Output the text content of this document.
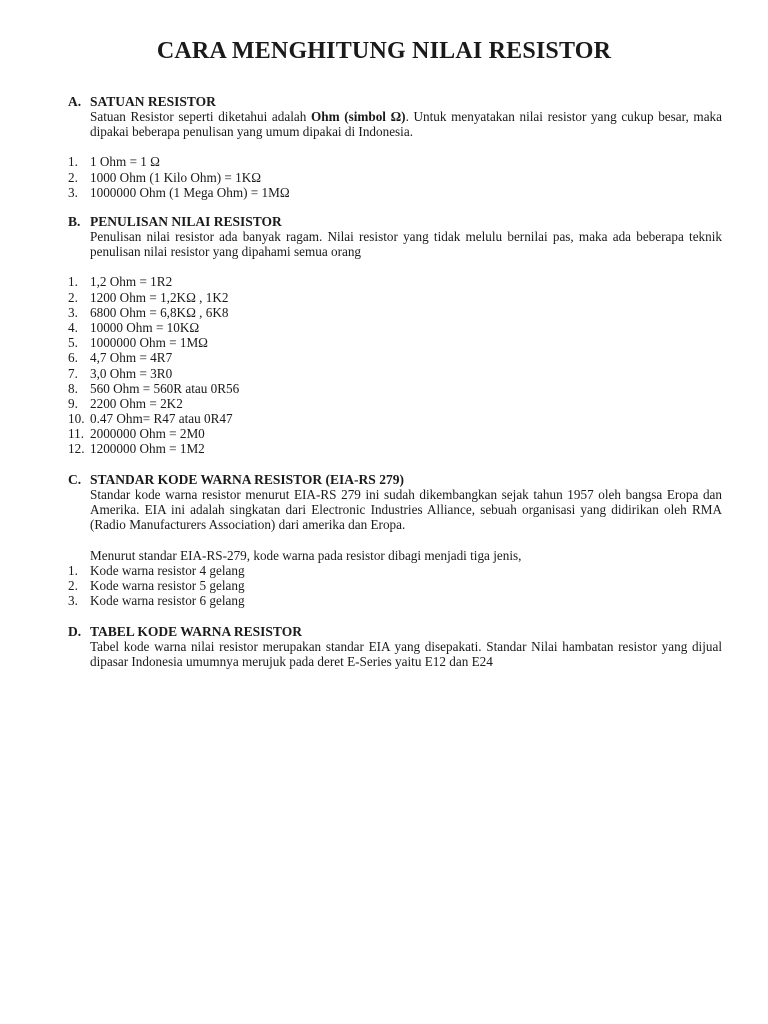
CARA MENGHITUNG NILAI RESISTOR
A. SATUAN RESISTOR
Satuan Resistor seperti diketahui adalah Ohm (simbol Ω). Untuk menyatakan nilai resistor yang cukup besar, maka dipakai beberapa penulisan yang umum dipakai di Indonesia.
1. 1 Ohm = 1 Ω
2. 1000 Ohm (1 Kilo Ohm) = 1KΩ
3. 1000000 Ohm (1 Mega Ohm) = 1MΩ
B. PENULISAN NILAI RESISTOR
Penulisan nilai resistor ada banyak ragam. Nilai resistor yang tidak melulu bernilai pas, maka ada beberapa teknik penulisan nilai resistor yang dipahami semua orang
1. 1,2 Ohm = 1R2
2. 1200 Ohm = 1,2KΩ , 1K2
3. 6800 Ohm = 6,8KΩ , 6K8
4. 10000 Ohm = 10KΩ
5. 1000000 Ohm = 1MΩ
6. 4,7 Ohm = 4R7
7. 3,0 Ohm = 3R0
8. 560 Ohm = 560R atau 0R56
9. 2200 Ohm = 2K2
10. 0.47 Ohm= R47 atau 0R47
11. 2000000 Ohm = 2M0
12. 1200000 Ohm = 1M2
C. STANDAR KODE WARNA RESISTOR (EIA-RS 279)
Standar kode warna resistor menurut EIA-RS 279 ini sudah dikembangkan sejak tahun 1957 oleh bangsa Eropa dan Amerika. EIA ini adalah singkatan dari Electronic Industries Alliance, sebuah organisasi yang didirikan oleh RMA (Radio Manufacturers Association) dari amerika dan Eropa.
Menurut standar EIA-RS-279, kode warna pada resistor dibagi menjadi tiga jenis,
1. Kode warna resistor 4 gelang
2. Kode warna resistor 5 gelang
3. Kode warna resistor 6 gelang
D. TABEL KODE WARNA RESISTOR
Tabel kode warna nilai resistor merupakan standar EIA yang disepakati. Standar Nilai hambatan resistor yang dijual dipasar Indonesia umumnya merujuk pada deret E-Series yaitu E12 dan E24
